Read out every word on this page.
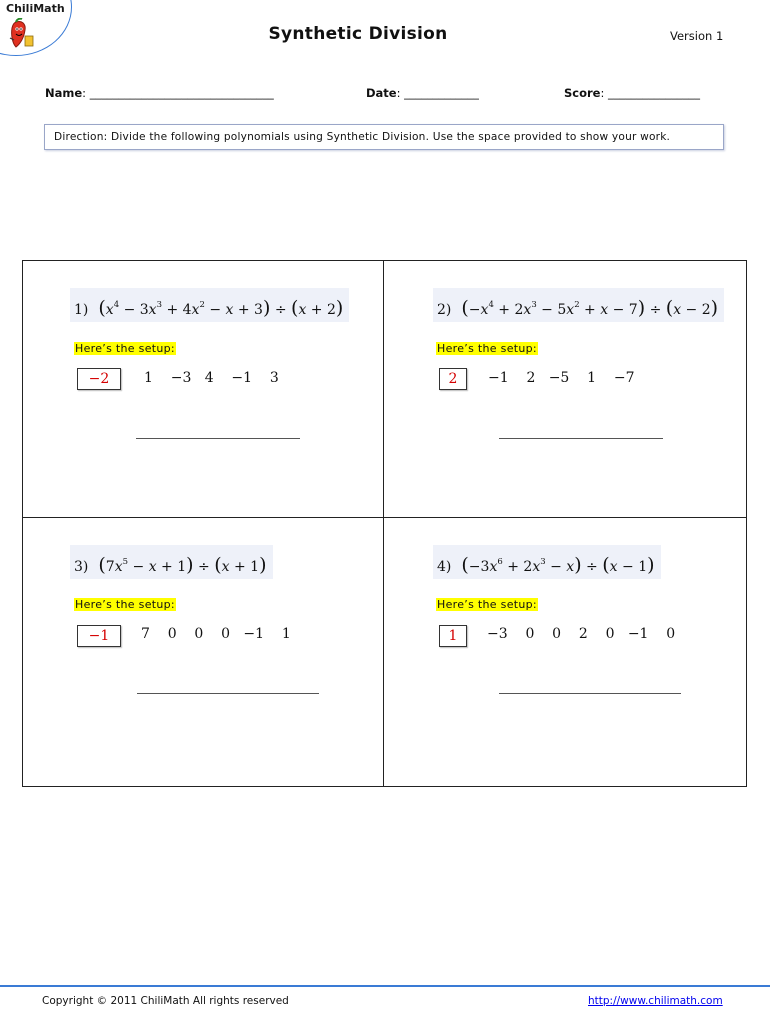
ChiliMath
Synthetic Division	Version 1
Name: ________________________________	Date: _____________	Score: ________________
Direction: Divide the following polynomials using Synthetic Division. Use the space provided to show your work.
1) $(x^4 - 3x^3 + 4x^2 - x + 3) \div (x + 2)$
Here’s the setup:
−2	1    −3   4    −1    3
2) $(-x^4 + 2x^3 - 5x^2 + x - 7) \div (x - 2)$
Here’s the setup:
2	−1    2   −5    1    −7
3) $(7x^5 - x + 1) \div (x + 1)$
Here’s the setup:
−1	7    0    0    0   −1    1
4) $(-3x^6 + 2x^3 - x) \div (x - 1)$
Here’s the setup:
1	−3    0    0    2    0   −1    0
Copyright © 2011 ChiliMath All rights reserved	http://www.chilimath.com
